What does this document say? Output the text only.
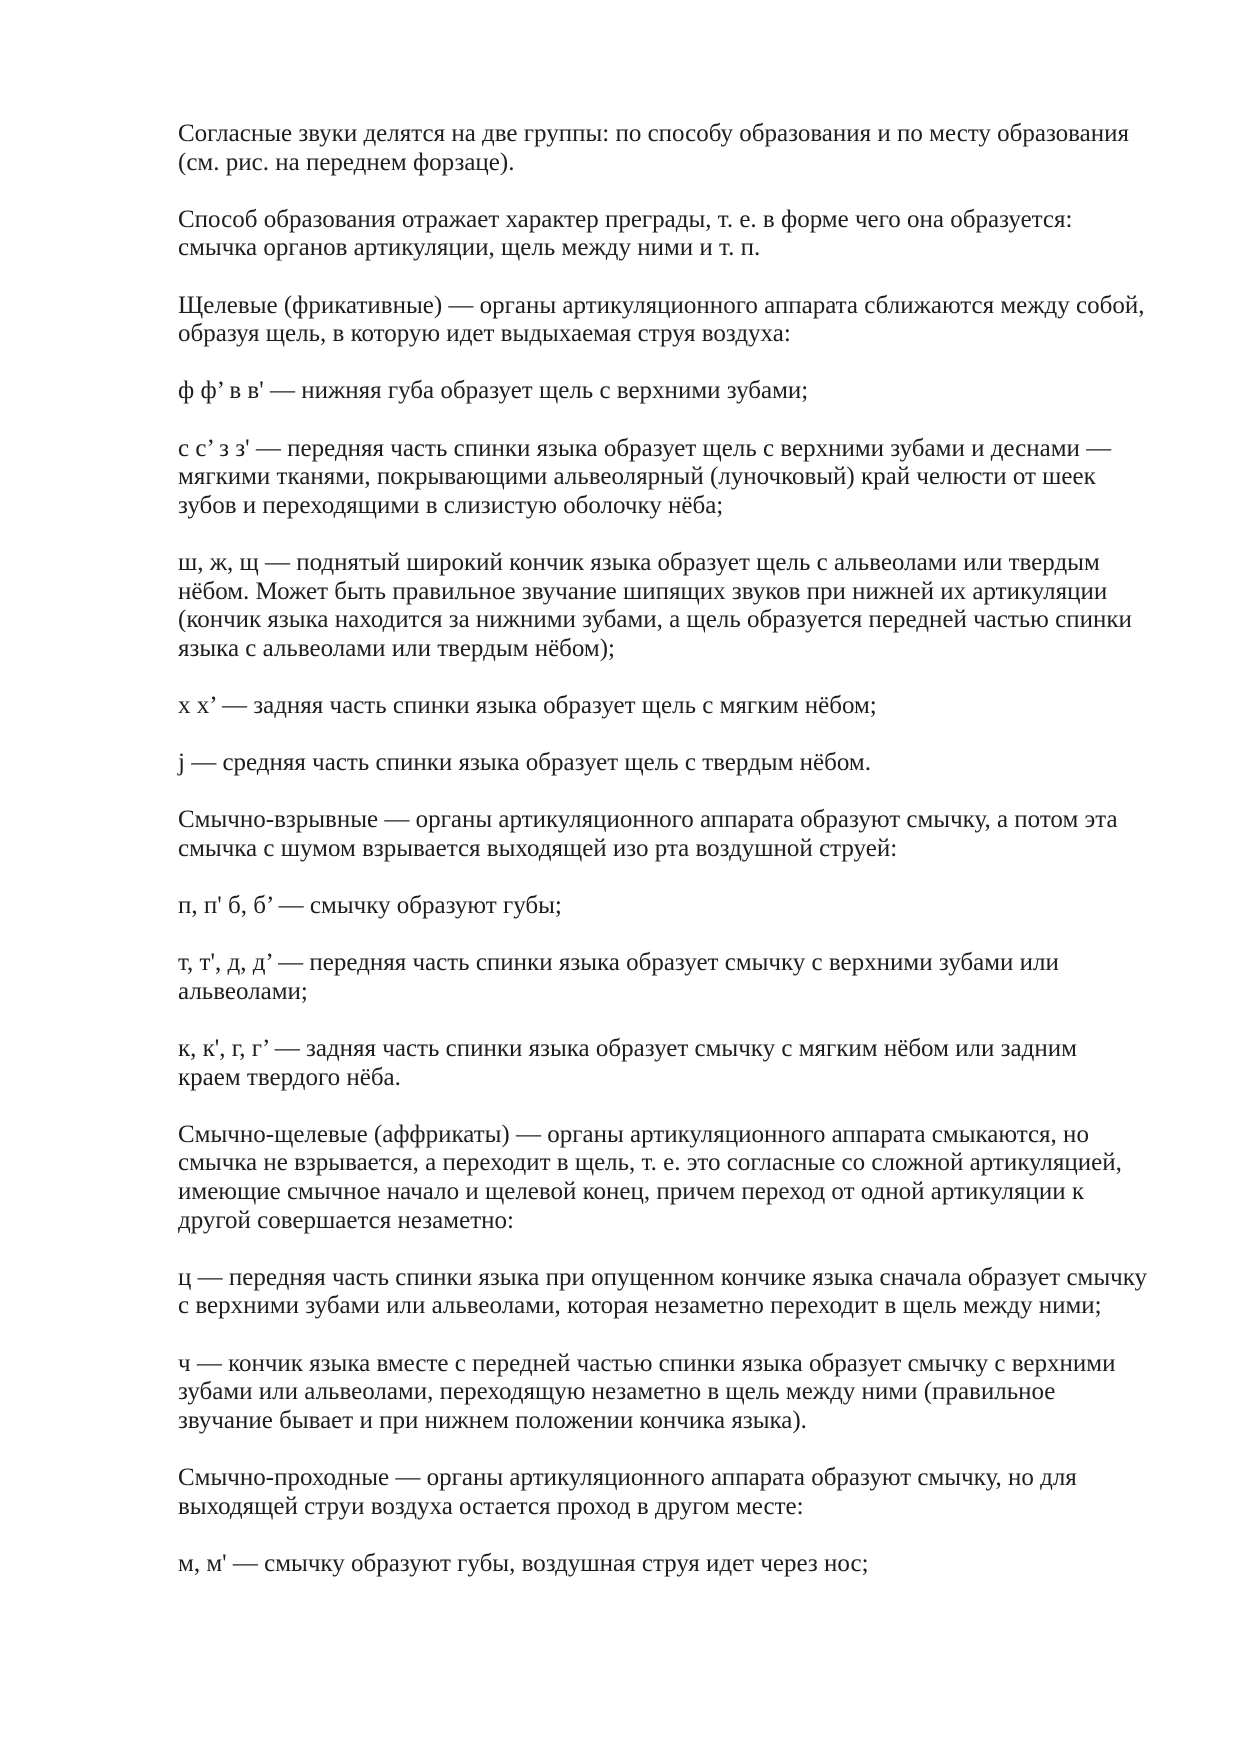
Согласные звуки делятся на две группы: по способу образования и по месту образования
(см. рис. на переднем форзаце).

Способ образования отражает характер преграды, т. е. в форме чего она образуется:
смычка органов артикуляции, щель между ними и т. п.

Щелевые (фрикативные) — органы артикуляционного аппарата сближаются между собой,
образуя щель, в которую идет выдыхаемая струя воздуха:

ф ф’ в в' — нижняя губа образует щель с верхними зубами;

с с’ з з' — передняя часть спинки языка образует щель с верхними зубами и деснами —
мягкими тканями, покрывающими альвеолярный (луночковый) край челюсти от шеек
зубов и переходящими в слизистую оболочку нёба;

ш, ж, щ — поднятый широкий кончик языка образует щель с альвеолами или твердым
нёбом. Может быть правильное звучание шипящих звуков при нижней их артикуляции
(кончик языка находится за нижними зубами, а щель образуется передней частью спинки
языка с альвеолами или твердым нёбом);

х х’ — задняя часть спинки языка образует щель с мягким нёбом;

j — средняя часть спинки языка образует щель с твердым нёбом.

Смычно-взрывные — органы артикуляционного аппарата образуют смычку, а потом эта
смычка с шумом взрывается выходящей изо рта воздушной струей:

п, п' б, б’ — смычку образуют губы;

т, т', д, д’ — передняя часть спинки языка образует смычку с верхними зубами или
альвеолами;

к, к', г, г’ — задняя часть спинки языка образует смычку с мягким нёбом или задним
краем твердого нёба.

Смычно-щелевые (аффрикаты) — органы артикуляционного аппарата смыкаются, но
смычка не взрывается, а переходит в щель, т. е. это согласные со сложной артикуляцией,
имеющие смычное начало и щелевой конец, причем переход от одной артикуляции к
другой совершается незаметно:

ц — передняя часть спинки языка при опущенном кончике языка сначала образует смычку
с верхними зубами или альвеолами, которая незаметно переходит в щель между ними;

ч — кончик языка вместе с передней частью спинки языка образует смычку с верхними
зубами или альвеолами, переходящую незаметно в щель между ними (правильное
звучание бывает и при нижнем положении кончика языка).

Смычно-проходные — органы артикуляционного аппарата образуют смычку, но для
выходящей струи воздуха остается проход в другом месте:

м, м' — смычку образуют губы, воздушная струя идет через нос;
